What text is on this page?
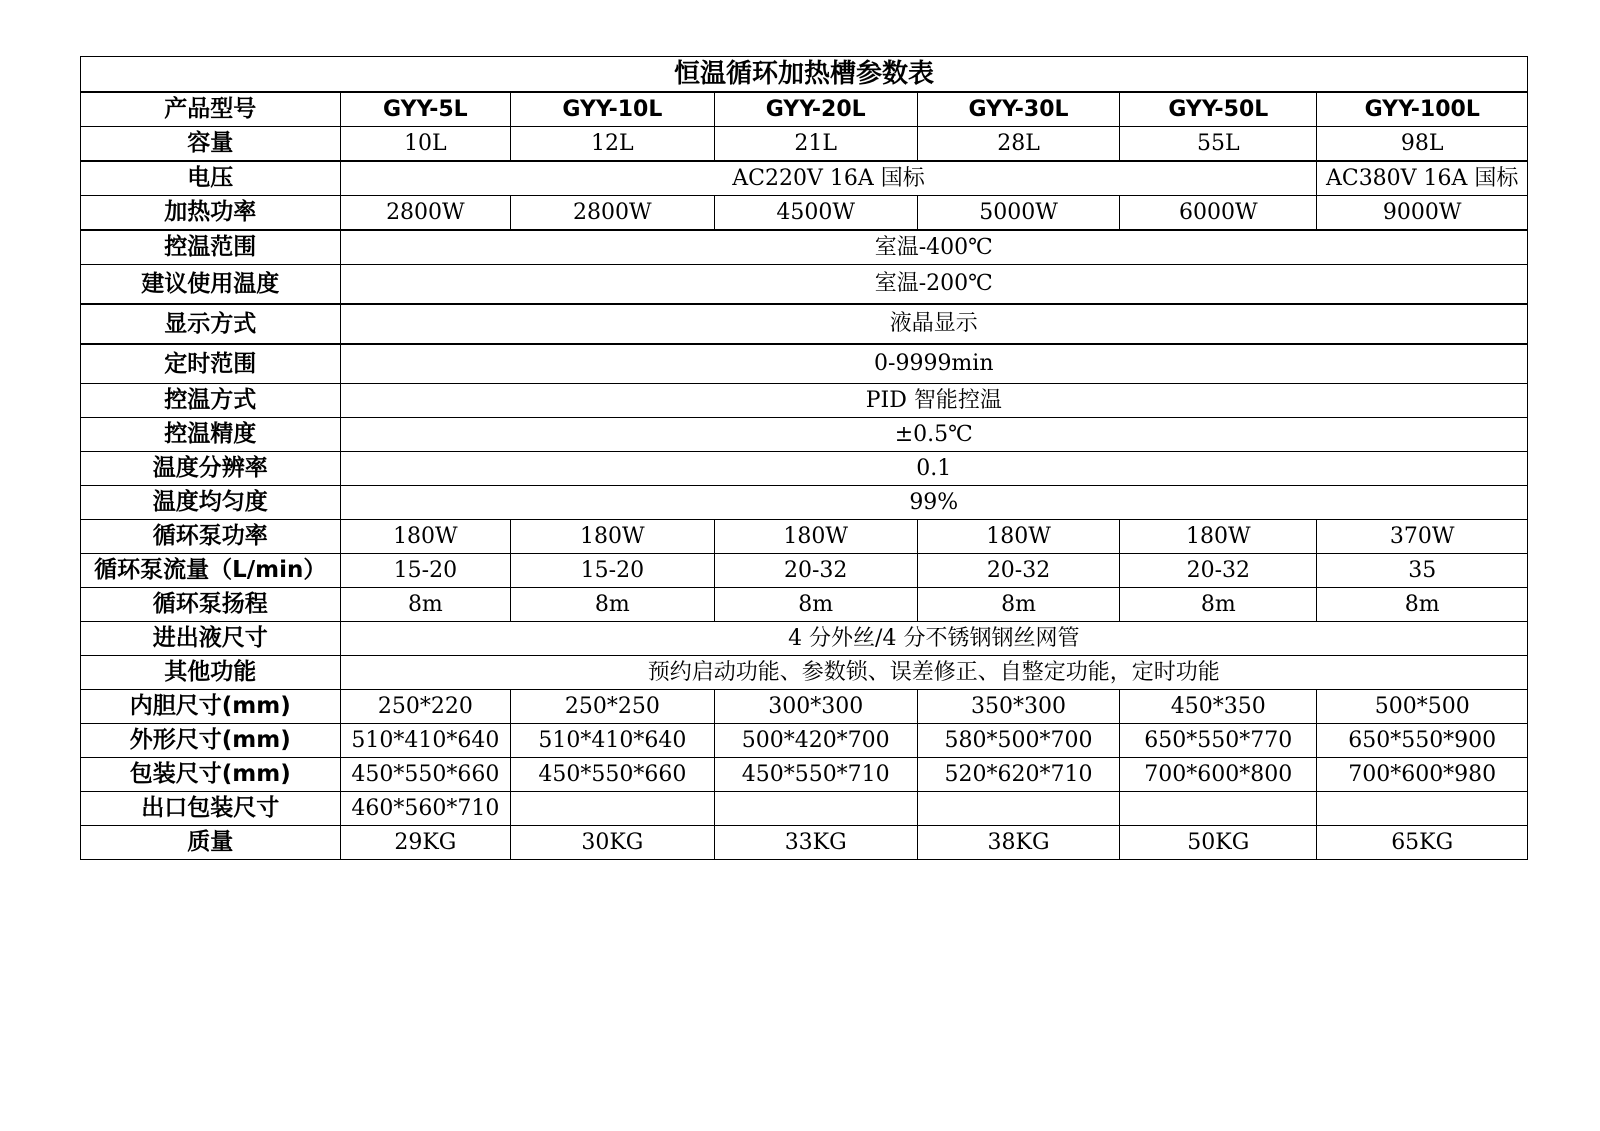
恒温循环加热槽参数表						
产品型号	GYY-5L	GYY-10L	GYY-20L	GYY-30L	GYY-50L	GYY-100L
容量	10L	12L	21L	28L	55L	98L
电压	AC220V 16A 国标					AC380V 16A 国标
加热功率	2800W	2800W	4500W	5000W	6000W	9000W
控温范围	室温-400℃					
建议使用温度	室温-200℃					
显示方式	液晶显示					
定时范围	0-9999min					
控温方式	PID 智能控温					
控温精度	±0.5℃					
温度分辨率	0.1					
温度均匀度	99%					
循环泵功率	180W	180W	180W	180W	180W	370W
循环泵流量（L/min）	15-20	15-20	20-32	20-32	20-32	35
循环泵扬程	8m	8m	8m	8m	8m	8m
进出液尺寸	4 分外丝/4 分不锈钢钢丝网管					
其他功能	预约启动功能、参数锁、误差修正、自整定功能，定时功能					
内胆尺寸(mm)	250*220	250*250	300*300	350*300	450*350	500*500
外形尺寸(mm)	510*410*640	510*410*640	500*420*700	580*500*700	650*550*770	650*550*900
包装尺寸(mm)	450*550*660	450*550*660	450*550*710	520*620*710	700*600*800	700*600*980
出口包装尺寸	460*560*710					
质量	29KG	30KG	33KG	38KG	50KG	65KG
